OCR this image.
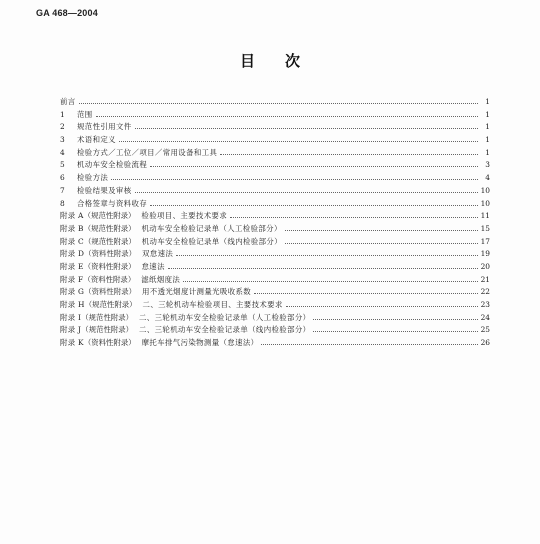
GA 468—2004
目次
前言	1
1	范围	1
2	规范性引用文件	1
3	术语和定义	1
4	检验方式／工位／项目／常用设备和工具	1
5	机动车安全检验流程	3
6	检验方法	4
7	检验结果及审核	10
8	合格签章与资料收存	10
附录 A （规范性附录） 检验项目、主要技术要求	11
附录 B （规范性附录） 机动车安全检验记录单（人工检验部分）	15
附录 C （规范性附录） 机动车安全检验记录单（线内检验部分）	17
附录 D （资料性附录） 双怠速法	19
附录 E （资料性附录） 怠速法	20
附录 F （资料性附录） 滤纸烟度法	21
附录 G （资料性附录） 用不透光烟度计测量光吸收系数	22
附录 H （规范性附录） 二、三轮机动车检验项目、主要技术要求	23
附录 I （规范性附录） 二、三轮机动车安全检验记录单（人工检验部分）	24
附录 J （规范性附录） 二、三轮机动车安全检验记录单（线内检验部分）	25
附录 K （资料性附录） 摩托车排气污染物测量（怠速法）	26
